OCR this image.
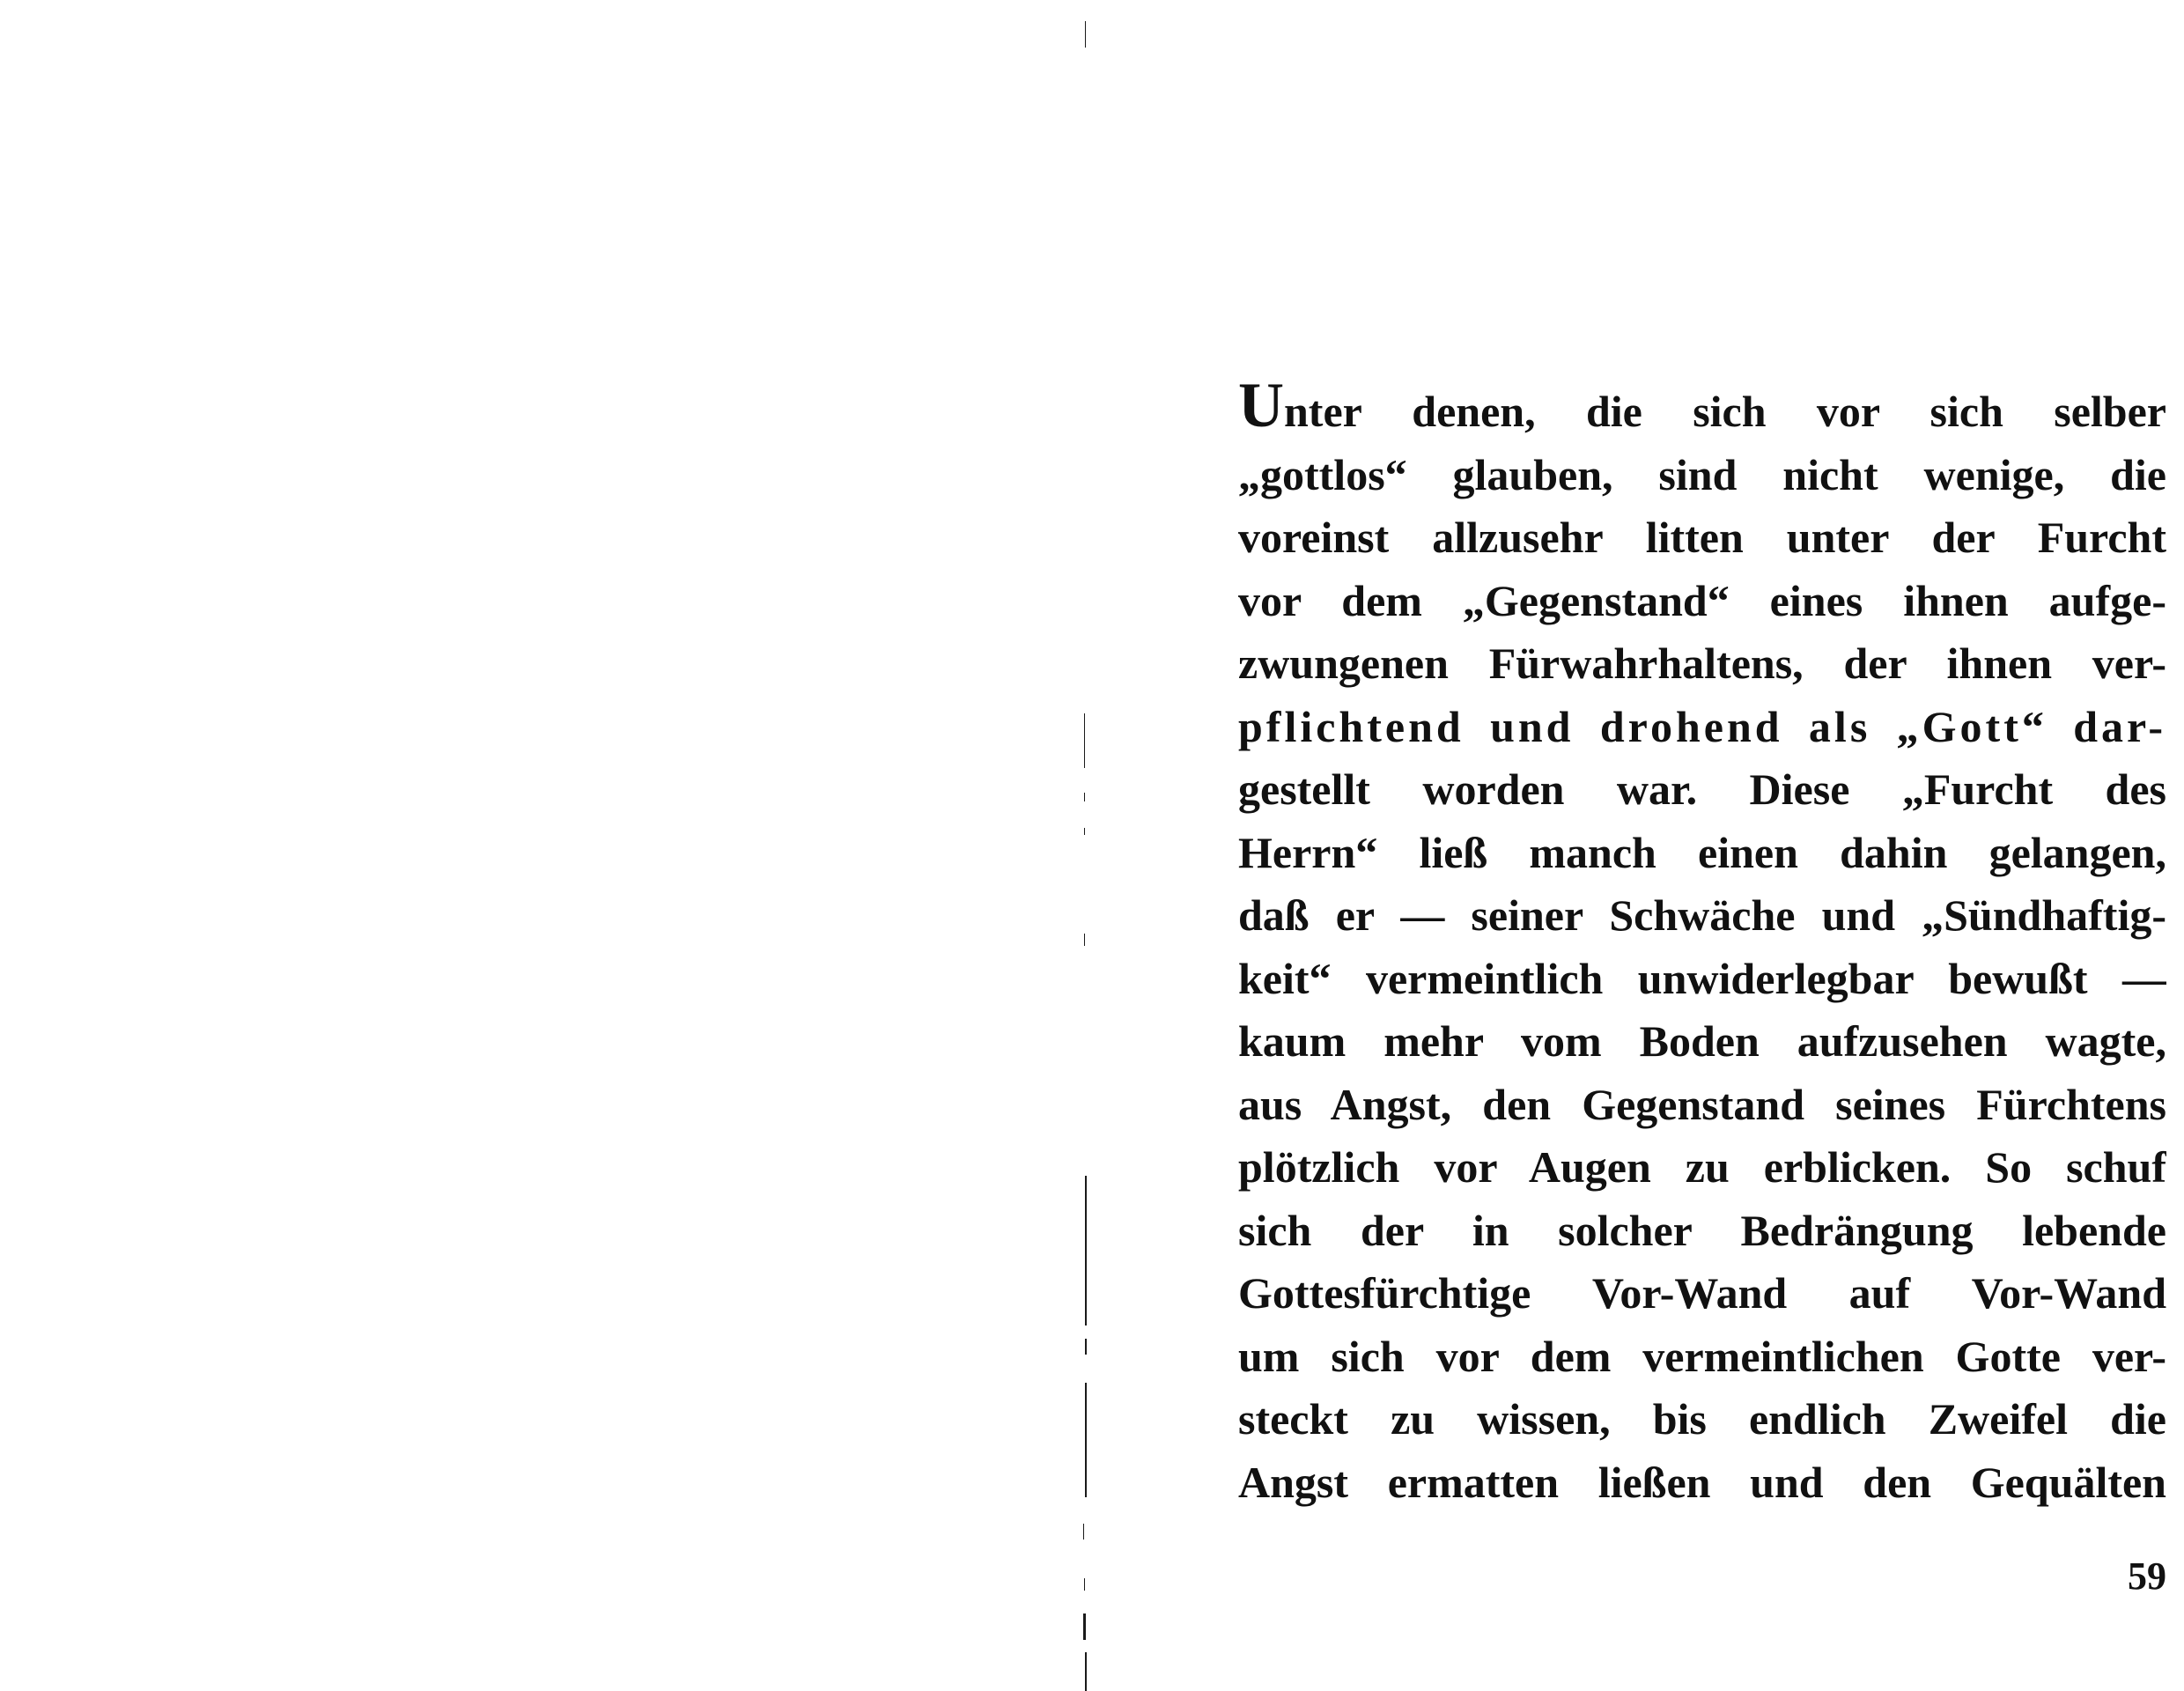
Unter denen, die sich vor sich selber
„gottlos“ glauben, sind nicht wenige, die
voreinst allzusehr litten unter der Furcht
vor dem „Gegenstand“ eines ihnen aufge-
zwungenen Fürwahrhaltens, der ihnen ver-
pflichtend und drohend als „Gott“ dar-
gestellt worden war. Diese „Furcht des
Herrn“ ließ manch einen dahin gelangen,
daß er — seiner Schwäche und „Sündhaftig-
keit“ vermeintlich unwiderlegbar bewußt —
kaum mehr vom Boden aufzusehen wagte,
aus Angst, den Gegenstand seines Fürchtens
plötzlich vor Augen zu erblicken. So schuf
sich der in solcher Bedrängung lebende
Gottesfürchtige Vor-Wand auf Vor-Wand
um sich vor dem vermeintlichen Gotte ver-
steckt zu wissen, bis endlich Zweifel die
Angst ermatten ließen und den Gequälten
59
